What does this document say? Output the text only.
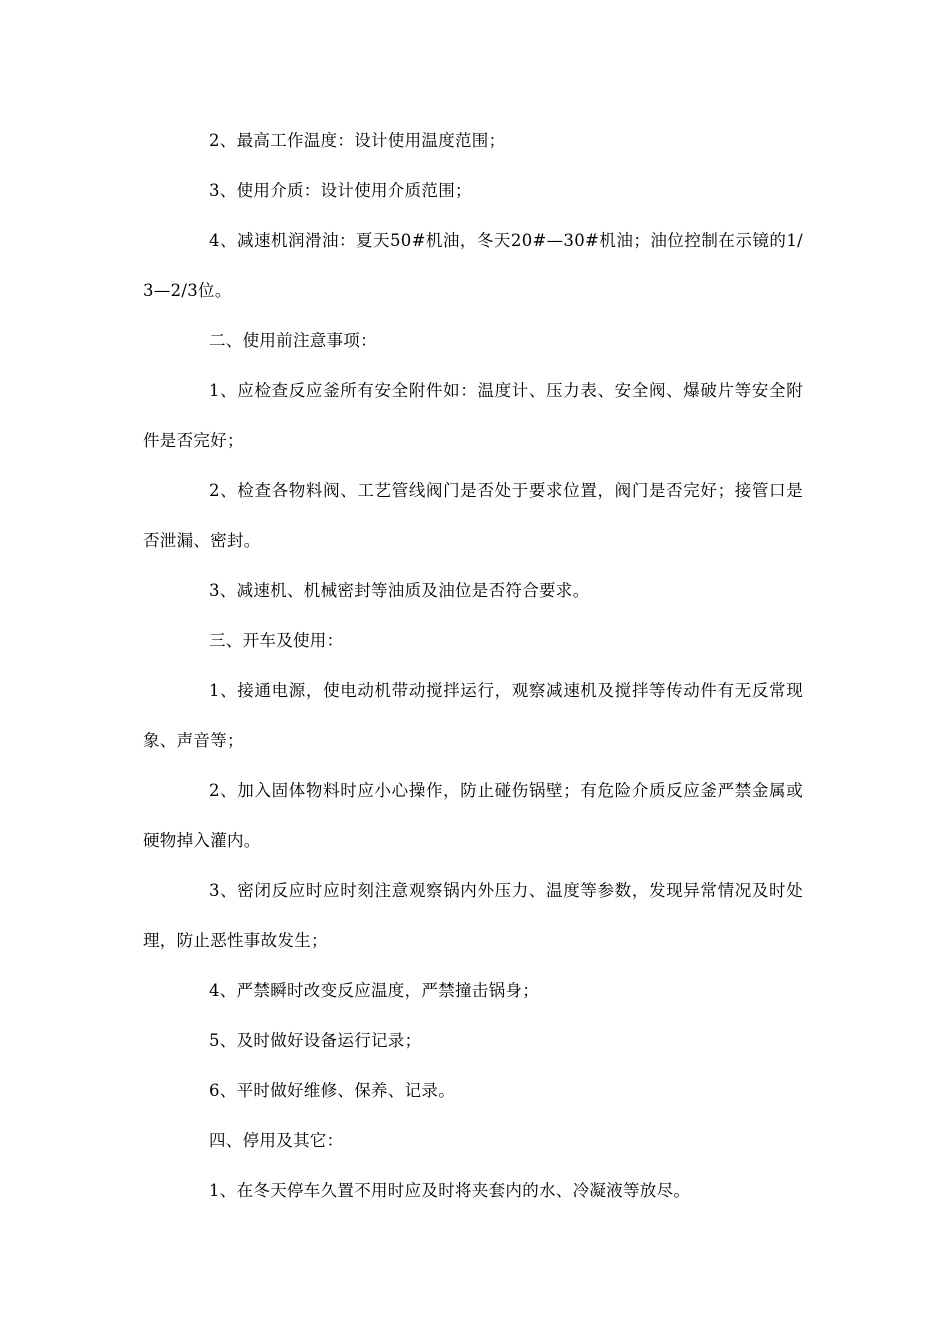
2、最高工作温度：设计使用温度范围；

3、使用介质：设计使用介质范围；

4、减速机润滑油：夏天50#机油，冬天20#—30#机油；油位控制在示镜的1/3—2/3位。

二、使用前注意事项：

1、应检查反应釜所有安全附件如：温度计、压力表、安全阀、爆破片等安全附件是否完好；

2、检查各物料阀、工艺管线阀门是否处于要求位置，阀门是否完好；接管口是否泄漏、密封。

3、减速机、机械密封等油质及油位是否符合要求。

三、开车及使用：

1、接通电源，使电动机带动搅拌运行，观察减速机及搅拌等传动件有无反常现象、声音等；

2、加入固体物料时应小心操作，防止碰伤锅壁；有危险介质反应釜严禁金属或硬物掉入灌内。

3、密闭反应时应时刻注意观察锅内外压力、温度等参数，发现异常情况及时处理，防止恶性事故发生；

4、严禁瞬时改变反应温度，严禁撞击锅身；

5、及时做好设备运行记录；

6、平时做好维修、保养、记录。

四、停用及其它：

1、在冬天停车久置不用时应及时将夹套内的水、冷凝液等放尽。
